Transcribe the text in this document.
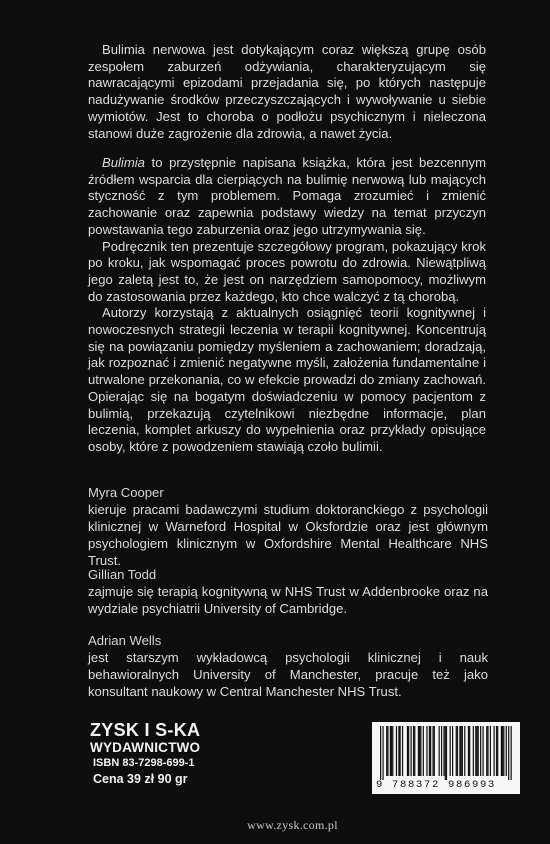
Bulimia nerwowa jest dotykającym coraz większą grupę osób zespołem zaburzeń odżywiania, charakteryzującym się nawracającymi epizodami przejadania się, po których następuje nadużywanie środków przeczyszczających i wywoływanie u siebie wymiotów. Jest to choroba o podłożu psychicznym i nieleczona stanowi duże zagrożenie dla zdrowia, a nawet życia.

Bulimia to przystępnie napisana książka, która jest bezcennym źródłem wsparcia dla cierpiących na bulimię nerwową lub mających styczność z tym problemem. Pomaga zrozumieć i zmienić zachowanie oraz zapewnia podstawy wiedzy na temat przyczyn powstawania tego zaburzenia oraz jego utrzymywania się.

Podręcznik ten prezentuje szczegółowy program, pokazujący krok po kroku, jak wspomagać proces powrotu do zdrowia. Niewątpliwą jego zaletą jest to, że jest on narzędziem samopomocy, możliwym do zastosowania przez każdego, kto chce walczyć z tą chorobą.

Autorzy korzystają z aktualnych osiągnięć teorii kognitywnej i nowoczesnych strategii leczenia w terapii kognitywnej. Koncentrują się na powiązaniu pomiędzy myśleniem a zachowaniem; doradzają, jak rozpoznać i zmienić negatywne myśli, założenia fundamentalne i utrwalone przekonania, co w efekcie prowadzi do zmiany zachowań. Opierając się na bogatym doświadczeniu w pomocy pacjentom z bulimią, przekazują czytelnikowi niezbędne informacje, plan leczenia, komplet arkuszy do wypełnienia oraz przykłady opisujące osoby, które z powodzeniem stawiają czoło bulimii.

Myra Cooper
kieruje pracami badawczymi studium doktoranckiego z psychologii klinicznej w Warneford Hospital w Oksfordzie oraz jest głównym psychologiem klinicznym w Oxfordshire Mental Healthcare NHS Trust.
Gillian Todd
zajmuje się terapią kognitywną w NHS Trust w Addenbrooke oraz na wydziale psychiatrii University of Cambridge.
Adrian Wells
jest starszym wykładowcą psychologii klinicznej i nauk behawioralnych University of Manchester, pracuje też jako konsultant naukowy w Central Manchester NHS Trust.
ZYSK I S-KA
WYDAWNICTWO
ISBN 83-7298-699-1
Cena 39 zł 90 gr	9 788372 986993
www.zysk.com.pl
